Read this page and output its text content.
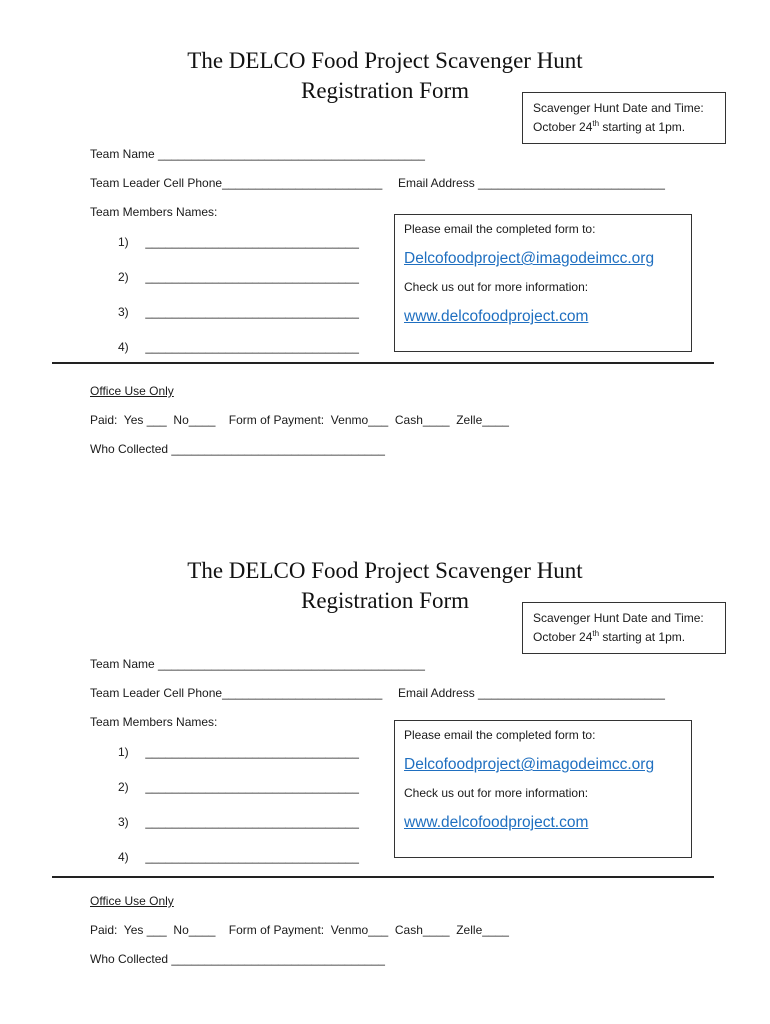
The DELCO Food Project Scavenger Hunt
Registration Form
Scavenger Hunt Date and Time:
October 24th starting at 1pm.
Team Name ________________________________________
Team Leader Cell Phone________________________ Email Address ____________________________
Team Members Names:
1)     ________________________________
2)     ________________________________
3)     ________________________________
4)     ________________________________
Please email the completed form to:
Delcofoodproject@imagodeimcc.org
Check us out for more information:
www.delcofoodproject.com
Office Use Only
Paid:  Yes ___  No____    Form of Payment:  Venmo___  Cash____  Zelle____
Who Collected ________________________________
The DELCO Food Project Scavenger Hunt
Registration Form
Scavenger Hunt Date and Time:
October 24th starting at 1pm.
Team Name ________________________________________
Team Leader Cell Phone________________________ Email Address ____________________________
Team Members Names:
1)     ________________________________
2)     ________________________________
3)     ________________________________
4)     ________________________________
Please email the completed form to:
Delcofoodproject@imagodeimcc.org
Check us out for more information:
www.delcofoodproject.com
Office Use Only
Paid:  Yes ___  No____    Form of Payment:  Venmo___  Cash____  Zelle____
Who Collected ________________________________
